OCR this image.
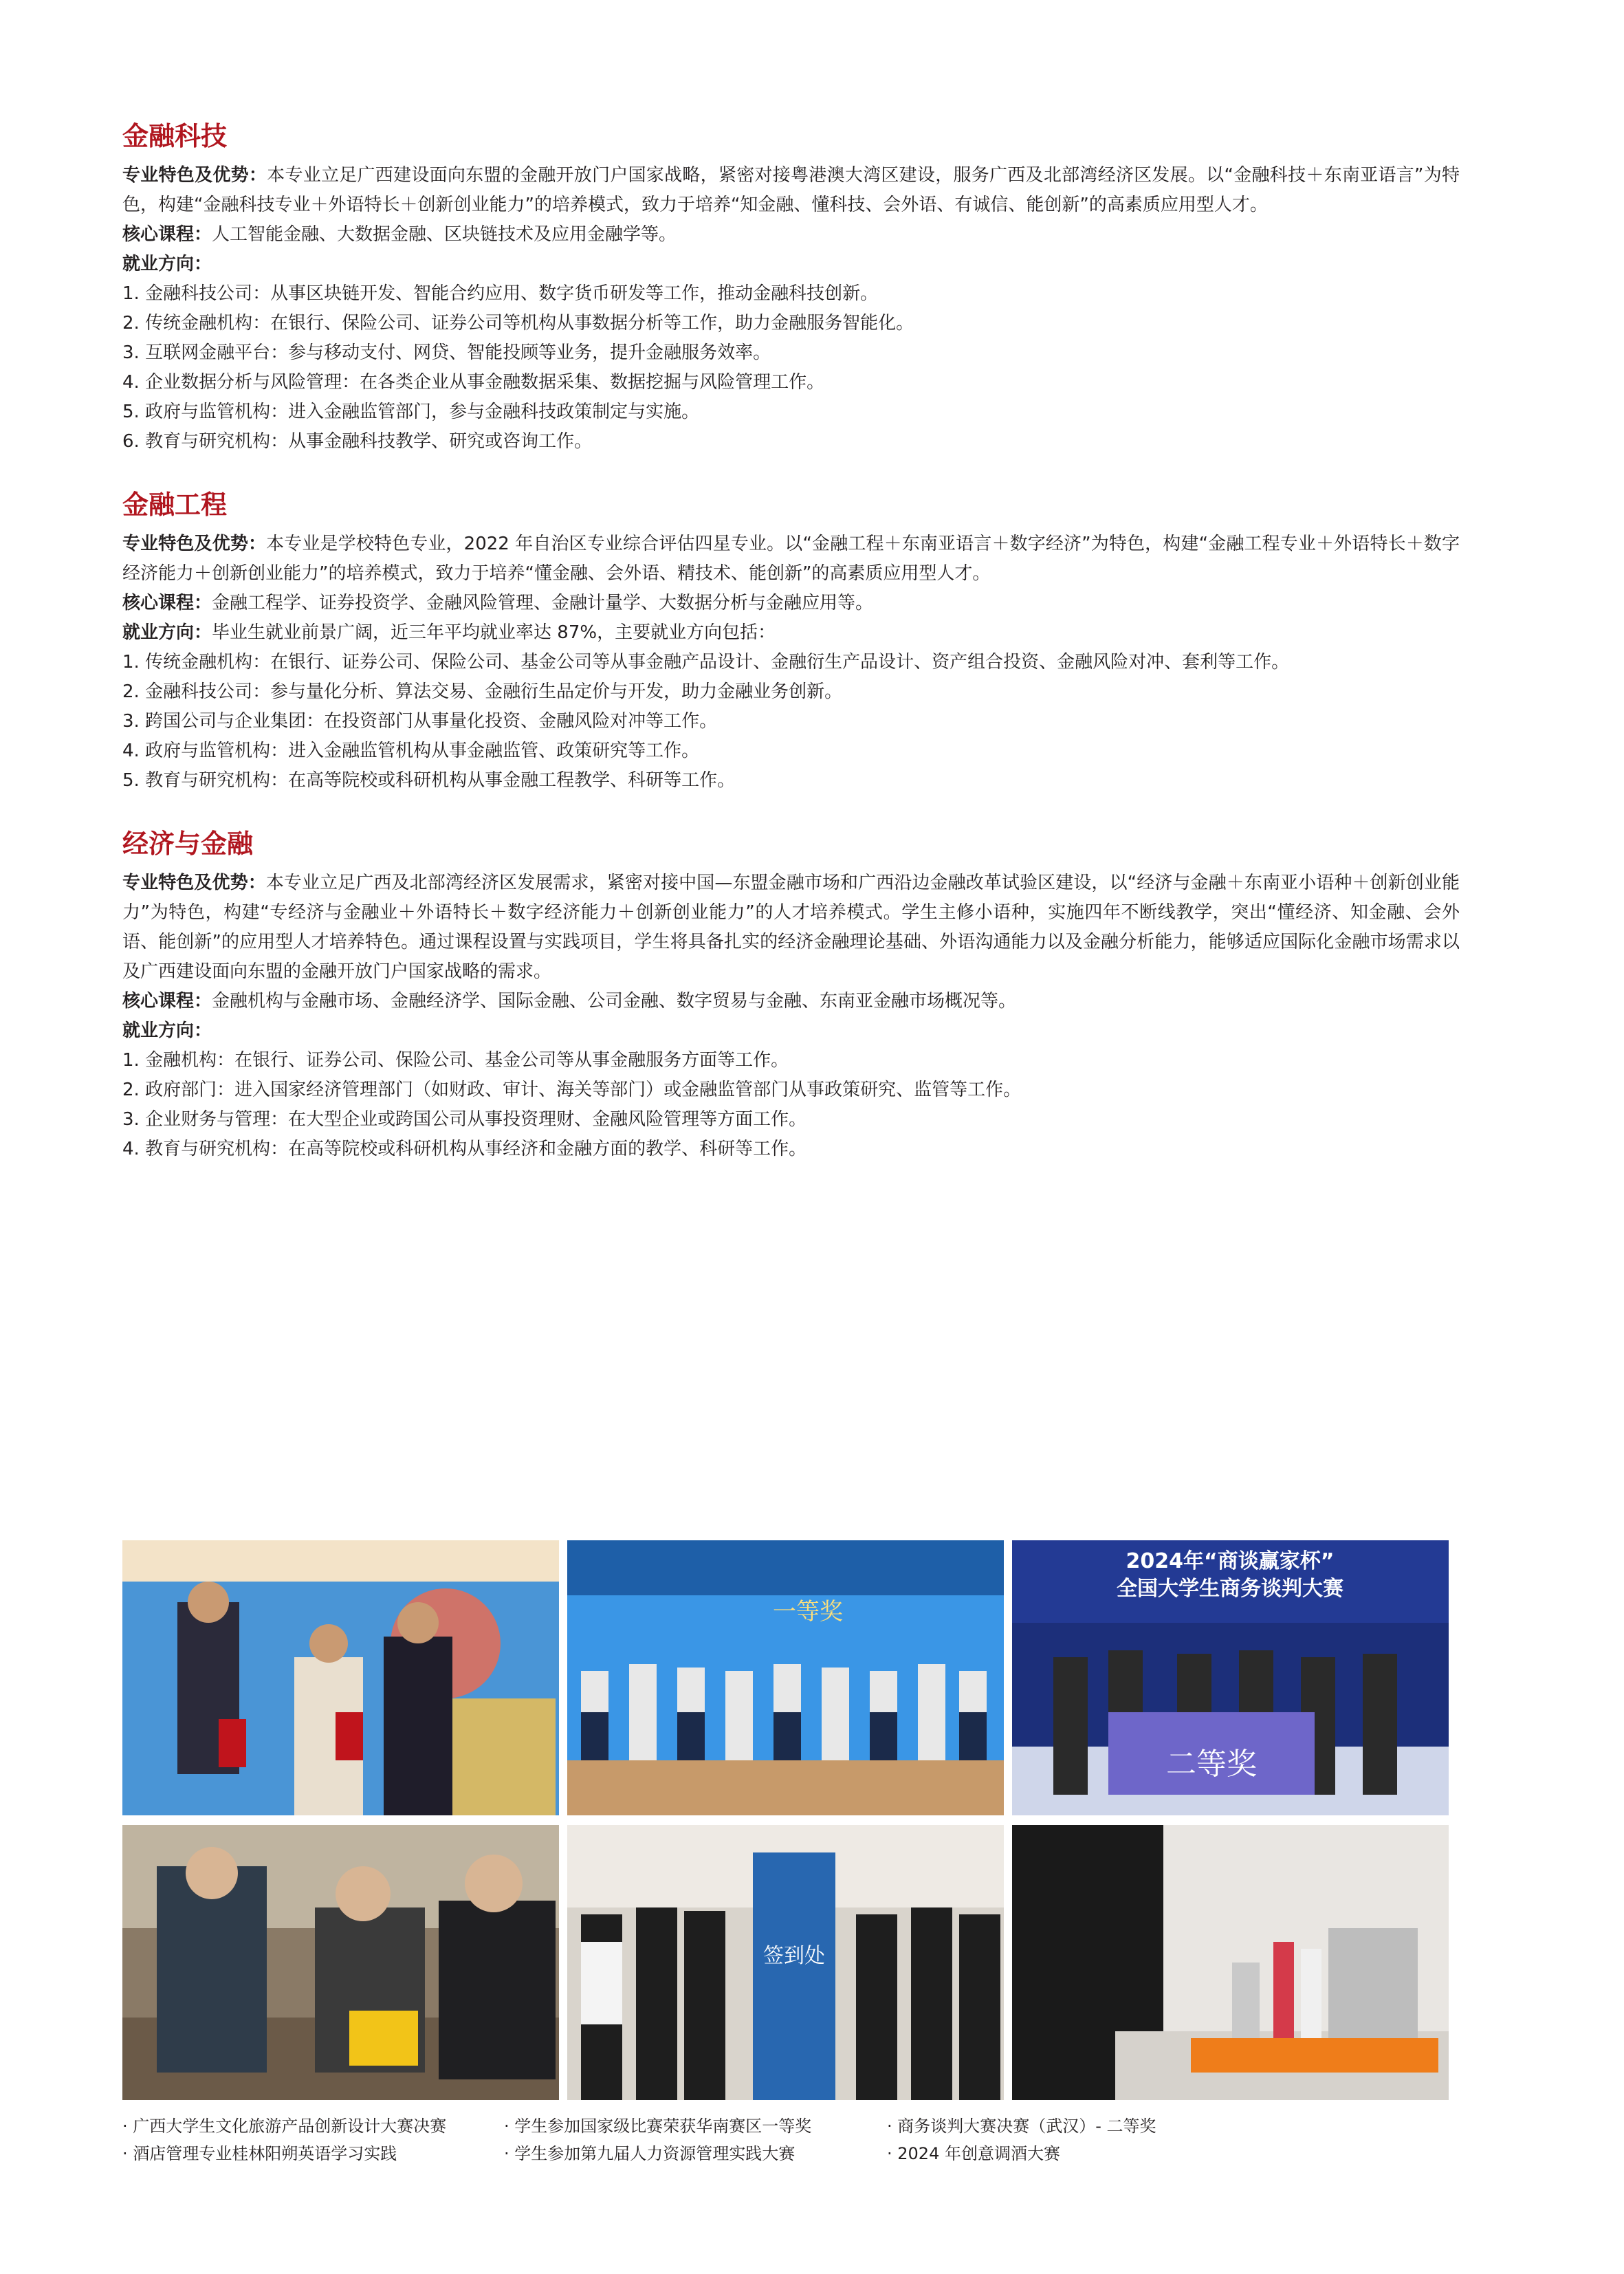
金融科技

专业特色及优势：本专业立足广西建设面向东盟的金融开放门户国家战略，紧密对接粤港澳大湾区建设，服务广西及北部湾经济区发展。以“金融科技＋东南亚语言”为特色，构建“金融科技专业＋外语特长＋创新创业能力”的培养模式，致力于培养“知金融、懂科技、会外语、有诚信、能创新”的高素质应用型人才。

核心课程：人工智能金融、大数据金融、区块链技术及应用金融学等。

就业方向：

1. 金融科技公司：从事区块链开发、智能合约应用、数字货币研发等工作，推动金融科技创新。

2. 传统金融机构：在银行、保险公司、证券公司等机构从事数据分析等工作，助力金融服务智能化。

3. 互联网金融平台：参与移动支付、网贷、智能投顾等业务，提升金融服务效率。

4. 企业数据分析与风险管理：在各类企业从事金融数据采集、数据挖掘与风险管理工作。

5. 政府与监管机构：进入金融监管部门，参与金融科技政策制定与实施。

6. 教育与研究机构：从事金融科技教学、研究或咨询工作。

金融工程

专业特色及优势：本专业是学校特色专业，2022 年自治区专业综合评估四星专业。以“金融工程＋东南亚语言＋数字经济”为特色，构建“金融工程专业＋外语特长＋数字经济能力＋创新创业能力”的培养模式，致力于培养“懂金融、会外语、精技术、能创新”的高素质应用型人才。

核心课程：金融工程学、证券投资学、金融风险管理、金融计量学、大数据分析与金融应用等。

就业方向：毕业生就业前景广阔，近三年平均就业率达 87%，主要就业方向包括：

1. 传统金融机构：在银行、证券公司、保险公司、基金公司等从事金融产品设计、金融衍生产品设计、资产组合投资、金融风险对冲、套利等工作。

2. 金融科技公司：参与量化分析、算法交易、金融衍生品定价与开发，助力金融业务创新。

3. 跨国公司与企业集团：在投资部门从事量化投资、金融风险对冲等工作。

4. 政府与监管机构：进入金融监管机构从事金融监管、政策研究等工作。

5. 教育与研究机构：在高等院校或科研机构从事金融工程教学、科研等工作。

经济与金融

专业特色及优势：本专业立足广西及北部湾经济区发展需求，紧密对接中国—东盟金融市场和广西沿边金融改革试验区建设，以“经济与金融＋东南亚小语种＋创新创业能力”为特色，构建“专经济与金融业＋外语特长＋数字经济能力＋创新创业能力”的人才培养模式。学生主修小语种，实施四年不断线教学，突出“懂经济、知金融、会外语、能创新”的应用型人才培养特色。通过课程设置与实践项目，学生将具备扎实的经济金融理论基础、外语沟通能力以及金融分析能力，能够适应国际化金融市场需求以及广西建设面向东盟的金融开放门户国家战略的需求。

核心课程：金融机构与金融市场、金融经济学、国际金融、公司金融、数字贸易与金融、东南亚金融市场概况等。

就业方向：

1. 金融机构：在银行、证券公司、保险公司、基金公司等从事金融服务方面等工作。

2. 政府部门：进入国家经济管理部门（如财政、审计、海关等部门）或金融监管部门从事政策研究、监管等工作。

3. 企业财务与管理：在大型企业或跨国公司从事投资理财、金融风险管理等方面工作。

4. 教育与研究机构：在高等院校或科研机构从事经济和金融方面的教学、科研等工作。

一等奖
2024年“商谈赢家杯”
全国大学生商务谈判大赛
二等奖
签到处
· 广西大学生文化旅游产品创新设计大赛决赛	· 学生参加国家级比赛荣获华南赛区一等奖	· 商务谈判大赛决赛（武汉）- 二等奖
· 酒店管理专业桂林阳朔英语学习实践	· 学生参加第九届人力资源管理实践大赛	· 2024 年创意调酒大赛
